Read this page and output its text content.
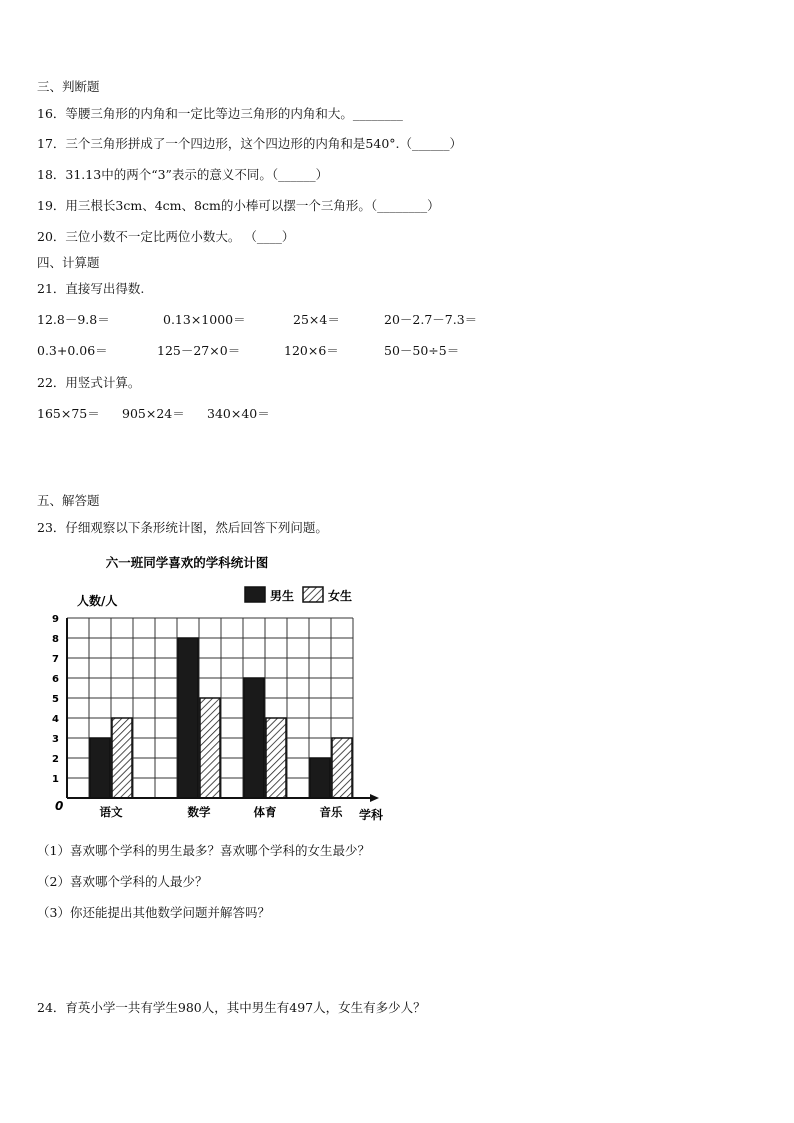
三、判断题
16．等腰三角形的内角和一定比等边三角形的内角和大。________
17．三个三角形拼成了一个四边形，这个四边形的内角和是540°.（______）
18．31.13中的两个“3”表示的意义不同。（______）
19．用三根长3cm、4cm、8cm的小棒可以摆一个三角形。（________）
20．三位小数不一定比两位小数大。 （____）
四、计算题
21．直接写出得数.
12.8－9.8＝	0.13×1000＝	25×4＝	20－2.7－7.3＝
0.3+0.06＝	125－27×0＝	120×6＝	50－50÷5＝
22．用竖式计算。
165×75＝ 905×24＝ 340×40＝
五、解答题
23．仔细观察以下条形统计图，然后回答下列问题。
六一班同学喜欢的学科统计图
人数/人	男生	女生
1
2
3
4
5
6
7
8
9
语文	数学	体育	音乐 学科
0
（1）喜欢哪个学科的男生最多？喜欢哪个学科的女生最少？
（2）喜欢哪个学科的人最少？
（3）你还能提出其他数学问题并解答吗？
24．育英小学一共有学生980人，其中男生有497人，女生有多少人？
